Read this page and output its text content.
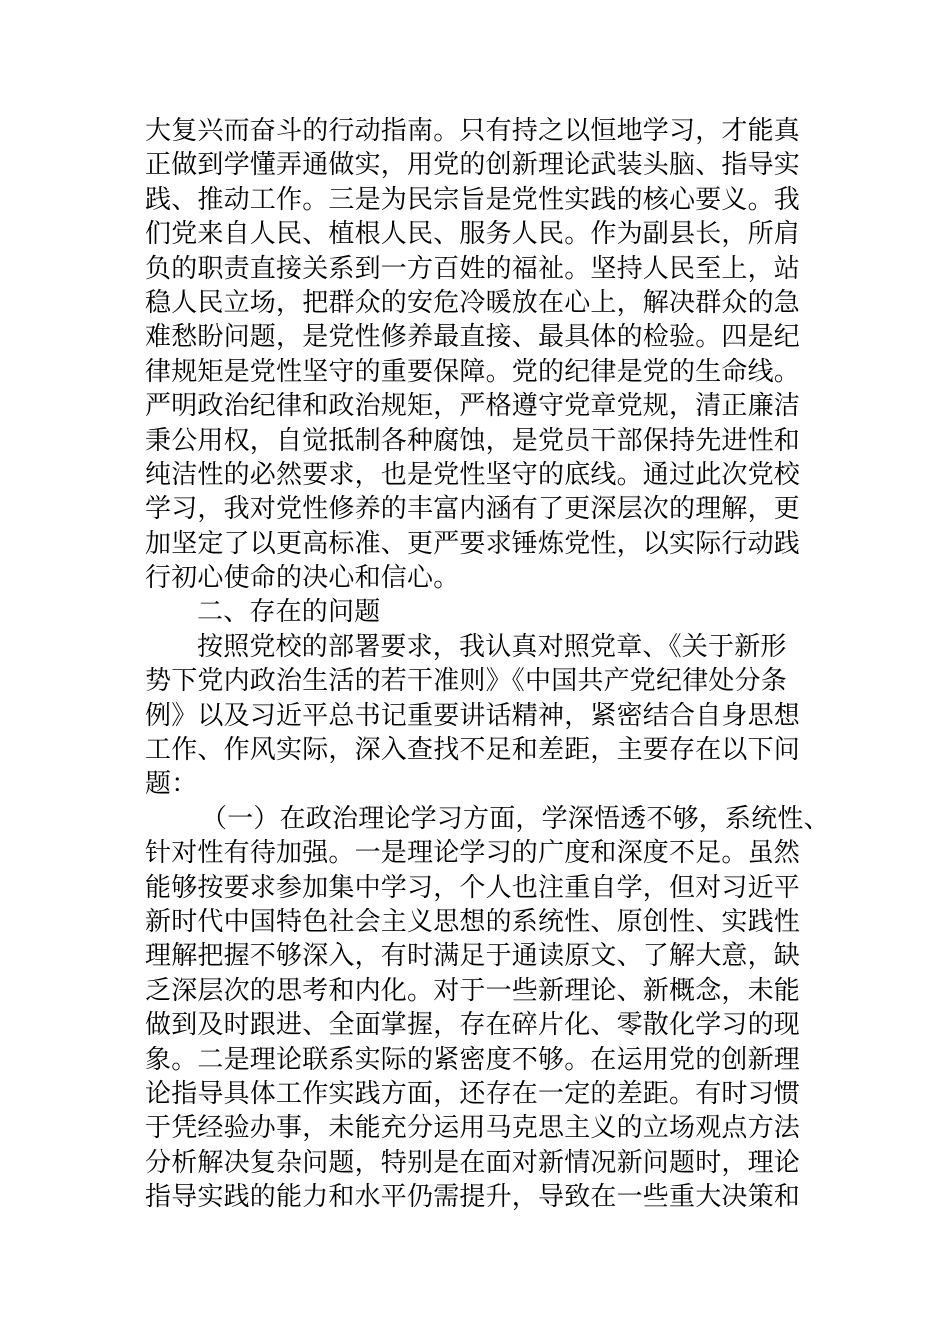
大复兴而奋斗的行动指南。只有持之以恒地学习，才能真
正做到学懂弄通做实，用党的创新理论武装头脑、指导实
践、推动工作。三是为民宗旨是党性实践的核心要义。我
们党来自人民、植根人民、服务人民。作为副县长，所肩
负的职责直接关系到一方百姓的福祉。坚持人民至上，站
稳人民立场，把群众的安危冷暖放在心上，解决群众的急
难愁盼问题，是党性修养最直接、最具体的检验。四是纪
律规矩是党性坚守的重要保障。党的纪律是党的生命线。
严明政治纪律和政治规矩，严格遵守党章党规，清正廉洁
秉公用权，自觉抵制各种腐蚀，是党员干部保持先进性和
纯洁性的必然要求，也是党性坚守的底线。通过此次党校
学习，我对党性修养的丰富内涵有了更深层次的理解，更
加坚定了以更高标准、更严要求锤炼党性，以实际行动践
行初心使命的决心和信心。
二、存在的问题
按照党校的部署要求，我认真对照党章、《关于新形
势下党内政治生活的若干准则》《中国共产党纪律处分条
例》以及习近平总书记重要讲话精神，紧密结合自身思想
工作、作风实际，深入查找不足和差距，主要存在以下问
题：
（一）在政治理论学习方面，学深悟透不够，系统性、
针对性有待加强。一是理论学习的广度和深度不足。虽然
能够按要求参加集中学习，个人也注重自学，但对习近平
新时代中国特色社会主义思想的系统性、原创性、实践性
理解把握不够深入，有时满足于通读原文、了解大意，缺
乏深层次的思考和内化。对于一些新理论、新概念，未能
做到及时跟进、全面掌握，存在碎片化、零散化学习的现
象。二是理论联系实际的紧密度不够。在运用党的创新理
论指导具体工作实践方面，还存在一定的差距。有时习惯
于凭经验办事，未能充分运用马克思主义的立场观点方法
分析解决复杂问题，特别是在面对新情况新问题时，理论
指导实践的能力和水平仍需提升，导致在一些重大决策和
